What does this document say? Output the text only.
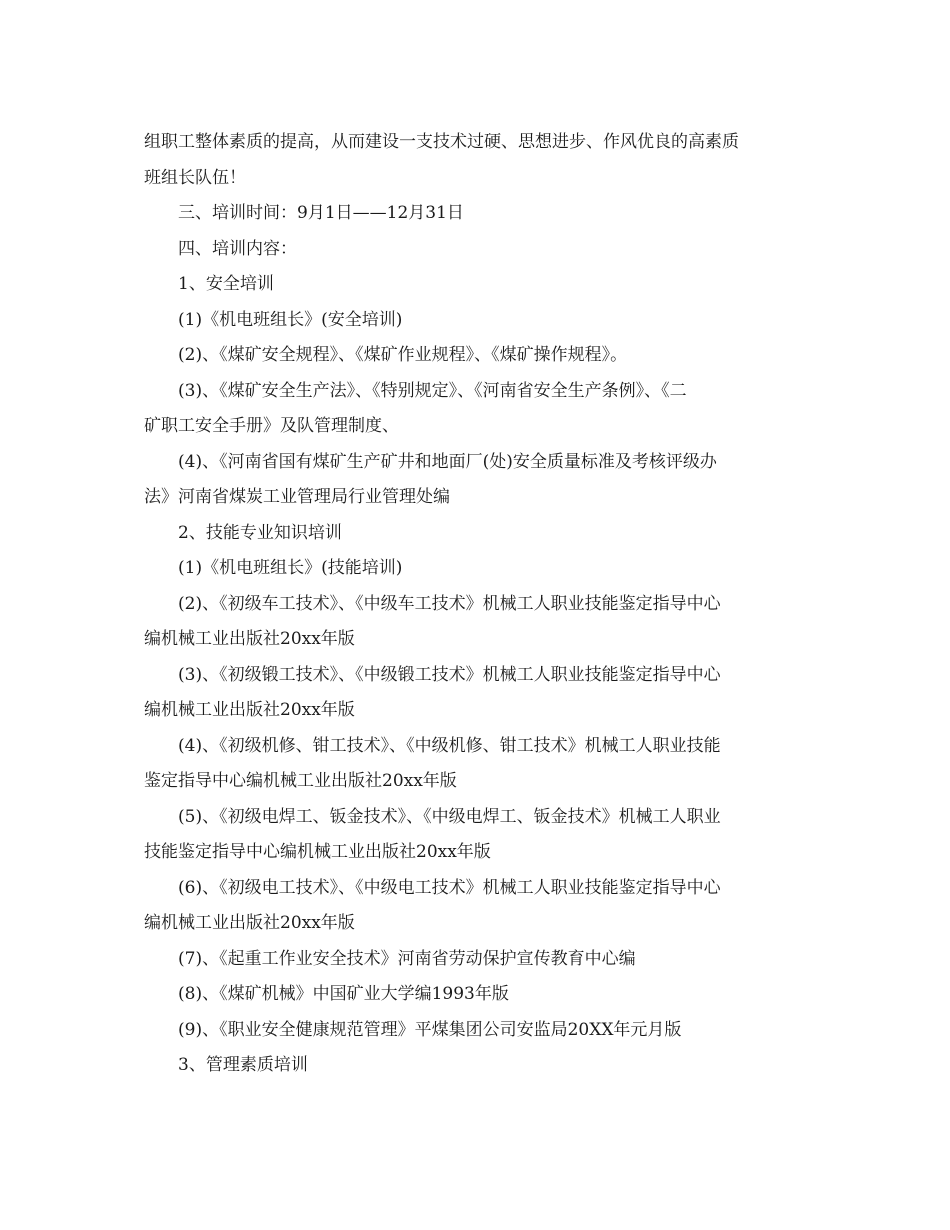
组职工整体素质的提高，从而建设一支技术过硬、思想进步、作风优良的高素质
班组长队伍！
三、培训时间：9月1日——12月31日
四、培训内容：
1、安全培训
(1)《机电班组长》(安全培训)
(2)、《煤矿安全规程》、《煤矿作业规程》、《煤矿操作规程》。
(3)、《煤矿安全生产法》、《特别规定》、《河南省安全生产条例》、《二
矿职工安全手册》及队管理制度、
(4)、《河南省国有煤矿生产矿井和地面厂(处)安全质量标准及考核评级办
法》河南省煤炭工业管理局行业管理处编
2、技能专业知识培训
(1)《机电班组长》(技能培训)
(2)、《初级车工技术》、《中级车工技术》机械工人职业技能鉴定指导中心
编机械工业出版社20xx年版
(3)、《初级锻工技术》、《中级锻工技术》机械工人职业技能鉴定指导中心
编机械工业出版社20xx年版
(4)、《初级机修、钳工技术》、《中级机修、钳工技术》机械工人职业技能
鉴定指导中心编机械工业出版社20xx年版
(5)、《初级电焊工、钣金技术》、《中级电焊工、钣金技术》机械工人职业
技能鉴定指导中心编机械工业出版社20xx年版
(6)、《初级电工技术》、《中级电工技术》机械工人职业技能鉴定指导中心
编机械工业出版社20xx年版
(7)、《起重工作业安全技术》河南省劳动保护宣传教育中心编
(8)、《煤矿机械》中国矿业大学编1993年版
(9)、《职业安全健康规范管理》平煤集团公司安监局20XX年元月版
3、管理素质培训
